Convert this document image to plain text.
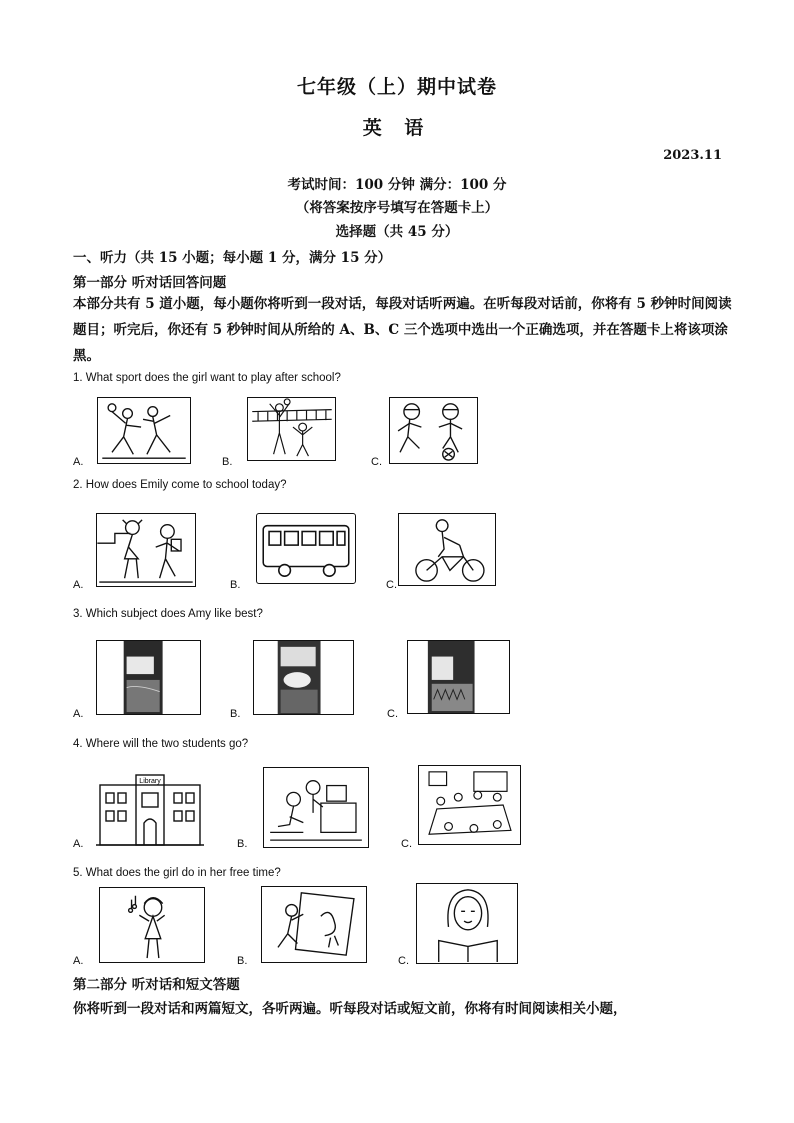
七年级（上）期中试卷
英 语
2023.11
考试时间：100 分钟 满分：100 分
（将答案按序号填写在答题卡上）
选择题（共 45 分）
一、听力（共 15 小题；每小题 1 分，满分 15 分）
第一部分 听对话回答问题
本部分共有 5 道小题，每小题你将听到一段对话，每段对话听两遍。在听每段对话前，你将有 5 秒钟时间阅读题目；听完后，你还有 5 秒钟时间从所给的 A、B、C 三个选项中选出一个正确选项，并在答题卡上将该项涂黑。
1. What sport does the girl want to play after school?
A.	B.	C.
2. How does Emily come to school today?
A.	B.	C.
3. Which subject does Amy like best?
A.	B.	C.
4. Where will the two students go?
A.
Library
B.	C.
5. What does the girl do in her free time?
A.	B.	C.
第二部分 听对话和短文答题
你将听到一段对话和两篇短文，各听两遍。听每段对话或短文前，你将有时间阅读相关小题，
